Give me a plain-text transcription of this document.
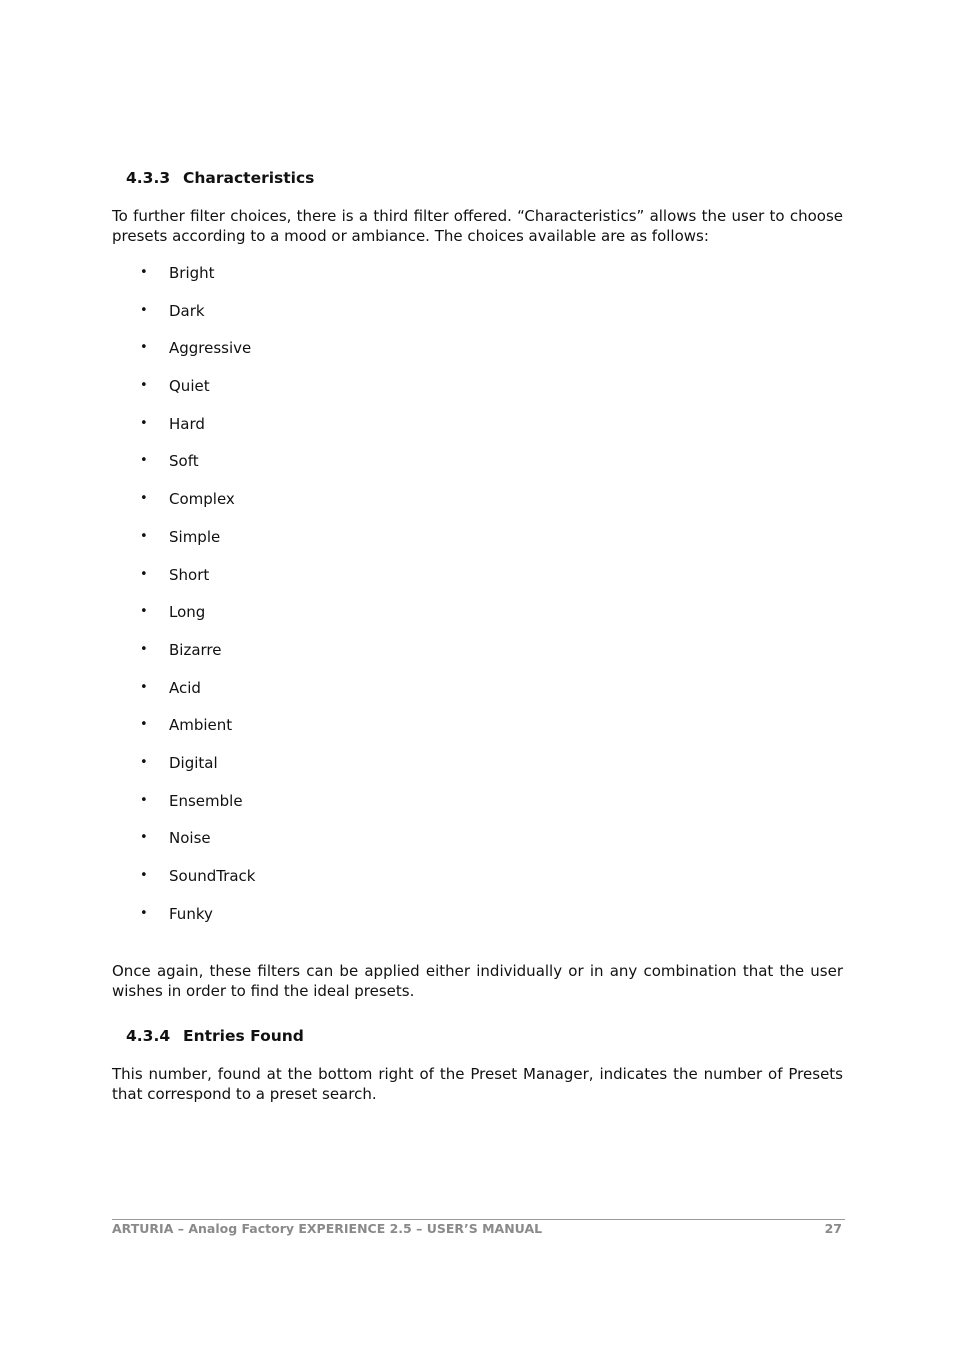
4.3.3 Characteristics
To further filter choices, there is a third filter offered. “Characteristics” allows the user to choose presets according to a mood or ambiance. The choices available are as follows:
• Bright
• Dark
• Aggressive
• Quiet
• Hard
• Soft
• Complex
• Simple
• Short
• Long
• Bizarre
• Acid
• Ambient
• Digital
• Ensemble
• Noise
• SoundTrack
• Funky
Once again, these filters can be applied either individually or in any combination that the user wishes in order to find the ideal presets.
4.3.4 Entries Found
This number, found at the bottom right of the Preset Manager, indicates the number of Presets that correspond to a preset search.
ARTURIA – Analog Factory EXPERIENCE 2.5 – USER’S MANUAL	27
